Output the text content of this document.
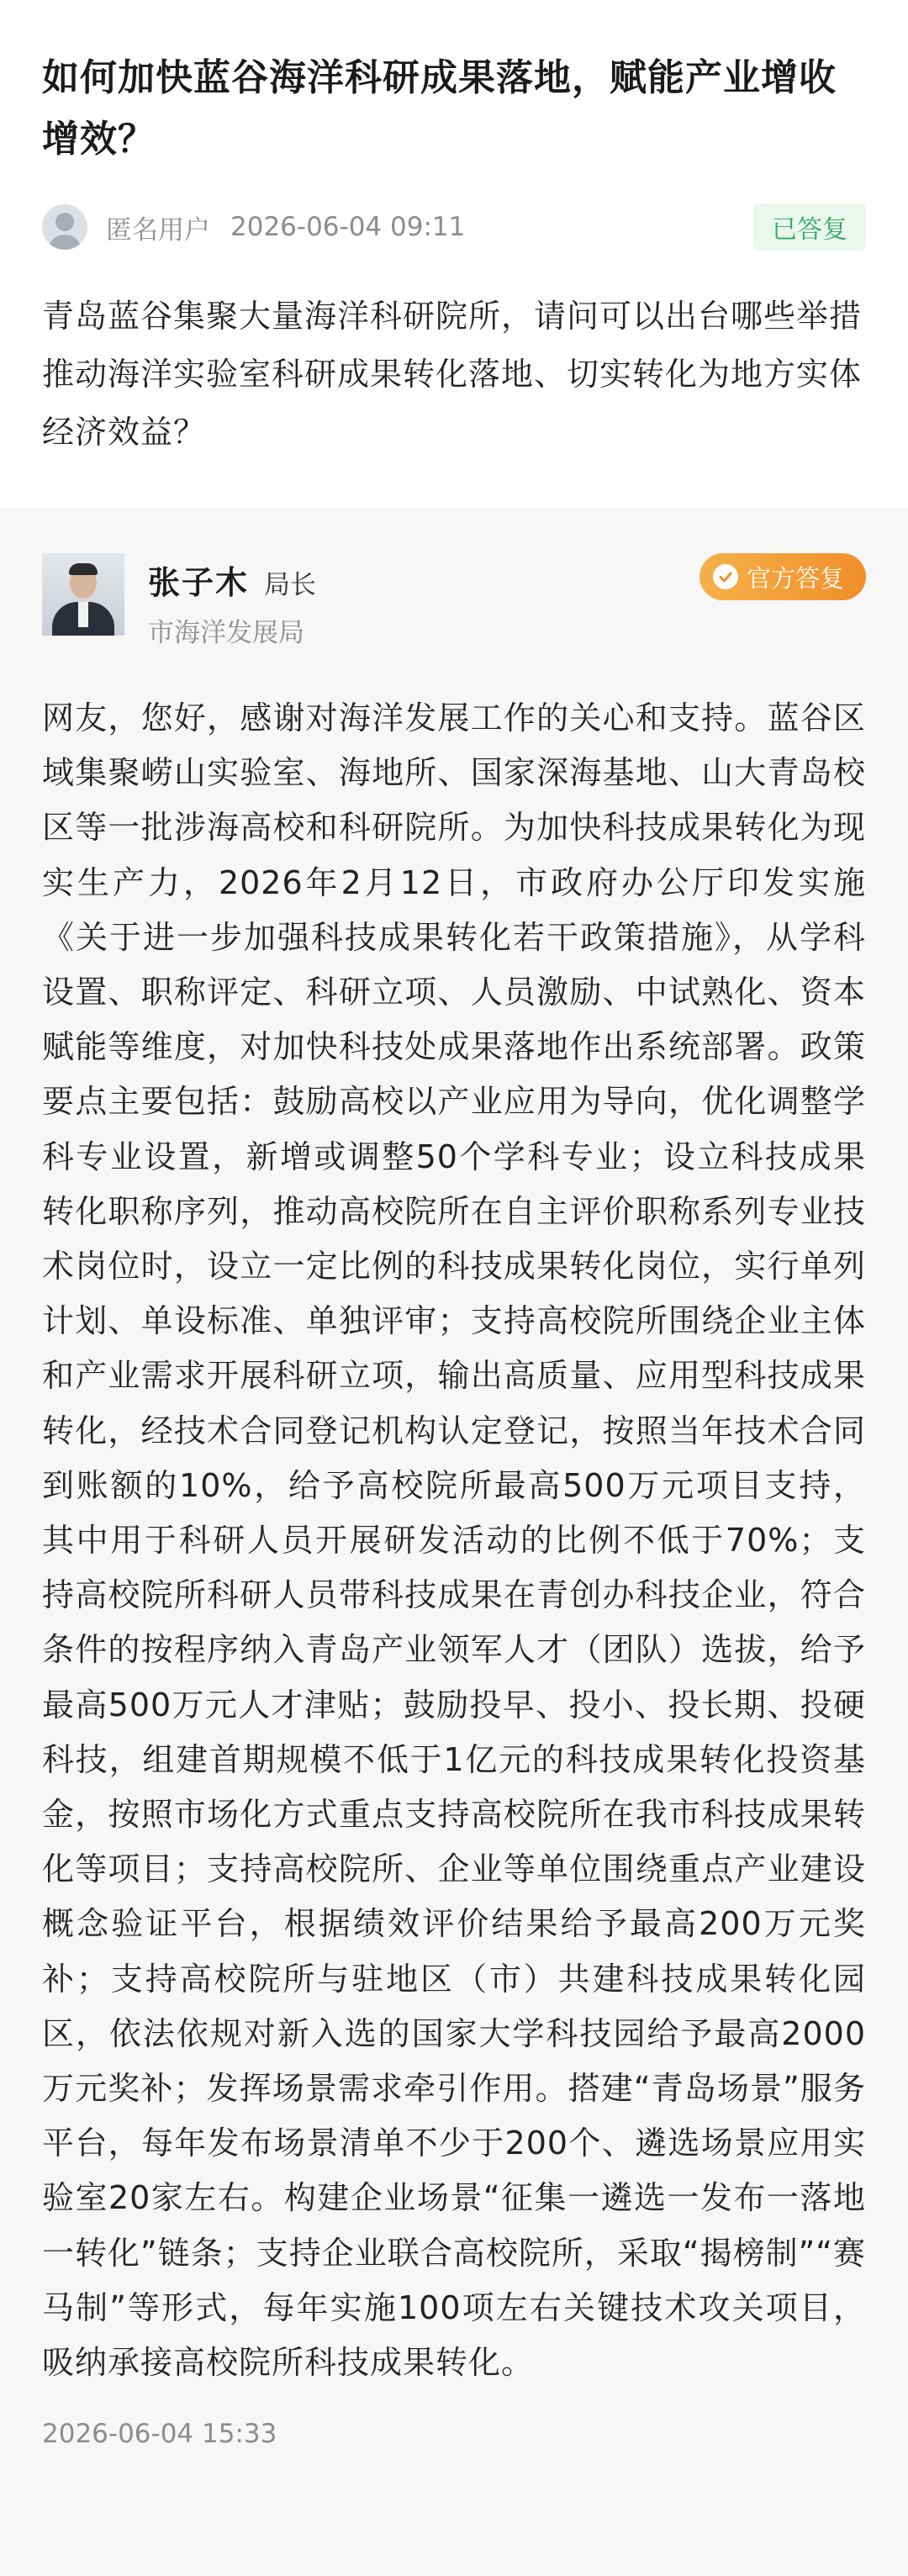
如何加快蓝谷海洋科研成果落地，赋能产业增收增效？
匿名用户 2026-06-04 09:11	已答复

青岛蓝谷集聚大量海洋科研院所，请问可以出台哪些举措推动海洋实验室科研成果转化落地、切实转化为地方实体经济效益？

张子木 局长
市海洋发展局
官方答复

网友，您好，感谢对海洋发展工作的关心和支持。蓝谷区域集聚崂山实验室、海地所、国家深海基地、山大青岛校区等一批涉海高校和科研院所。为加快科技成果转化为现实生产力，2026年2月12日，市政府办公厅印发实施《关于进一步加强科技成果转化若干政策措施》，从学科设置、职称评定、科研立项、人员激励、中试熟化、资本赋能等维度，对加快科技处成果落地作出系统部署。政策要点主要包括：鼓励高校以产业应用为导向，优化调整学科专业设置，新增或调整50个学科专业；设立科技成果转化职称序列，推动高校院所在自主评价职称系列专业技术岗位时，设立一定比例的科技成果转化岗位，实行单列计划、单设标准、单独评审；支持高校院所围绕企业主体和产业需求开展科研立项，输出高质量、应用型科技成果转化，经技术合同登记机构认定登记，按照当年技术合同到账额的10%，给予高校院所最高500万元项目支持，其中用于科研人员开展研发活动的比例不低于70%；支持高校院所科研人员带科技成果在青创办科技企业，符合条件的按程序纳入青岛产业领军人才（团队）选拔，给予最高500万元人才津贴；鼓励投早、投小、投长期、投硬科技，组建首期规模不低于1亿元的科技成果转化投资基金，按照市场化方式重点支持高校院所在我市科技成果转化等项目；支持高校院所、企业等单位围绕重点产业建设概念验证平台，根据绩效评价结果给予最高200万元奖补；支持高校院所与驻地区（市）共建科技成果转化园区，依法依规对新入选的国家大学科技园给予最高2000万元奖补；发挥场景需求牵引作用。搭建“青岛场景”服务平台，每年发布场景清单不少于200个、遴选场景应用实验室20家左右。构建企业场景“征集一遴选一发布一落地一转化”链条；支持企业联合高校院所，采取“揭榜制”“赛马制”等形式，每年实施100项左右关键技术攻关项目，吸纳承接高校院所科技成果转化。

2026-06-04 15:33
